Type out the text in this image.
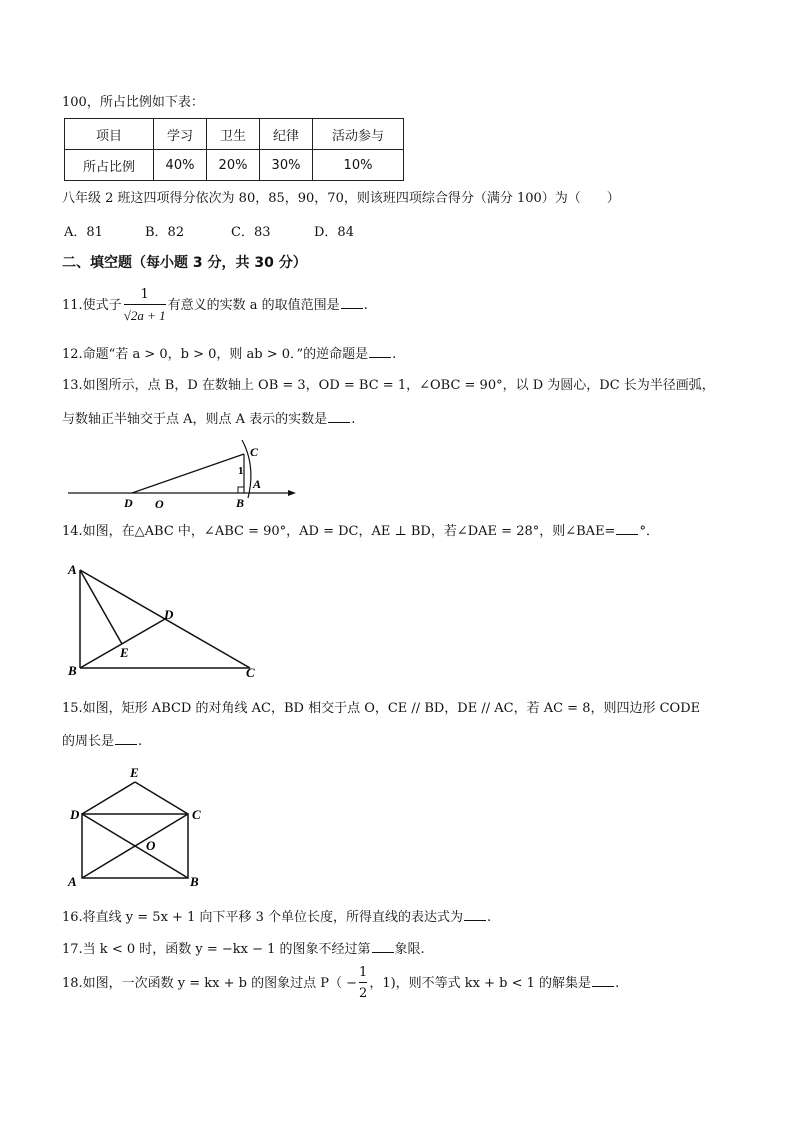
100，所占比例如下表：
项目	学习	卫生	纪律	活动参与
所占比例	40%	20%	30%	10%
八年级 2 班这四项得分依次为 80，85，90，70，则该班四项综合得分（满分 100）为（　　）
A．81	B．82	C．83	D．84
二、填空题（每小题 3 分，共 30 分）
11.使式子 $\frac{1}{√2a + 1}$ 有意义的实数 a 的取值范围是 .
12.命题“若 a > 0，b > 0，则 ab > 0．”的逆命题是 .
13.如图所示，点 B，D 在数轴上 OB = 3，OD = BC = 1，∠OBC = 90°，以 D 为圆心，DC 长为半径画弧，
与数轴正半轴交于点 A，则点 A 表示的实数是 .
C
D O	B
A
1
14.如图，在△ABC 中，∠ABC = 90°，AD = DC，AE ⊥ BD，若∠DAE = 28°，则∠BAE= °．
A
B	C
D
E
15.如图，矩形 ABCD 的对角线 AC，BD 相交于点 O，CE // BD，DE // AC，若 AC = 8，则四边形 CODE
的周长是 .
E
D	C
O
A	B
16.将直线 y = 5x + 1 向下平移 3 个单位长度，所得直线的表达式为 .
17.当 k < 0 时，函数 y = −kx − 1 的图象不经过第 象限.
18.如图，一次函数 y = kx + b 的图象过点 $P( - \frac{1}{2}$ ，1)，则不等式 kx + b < 1 的解集是 .
